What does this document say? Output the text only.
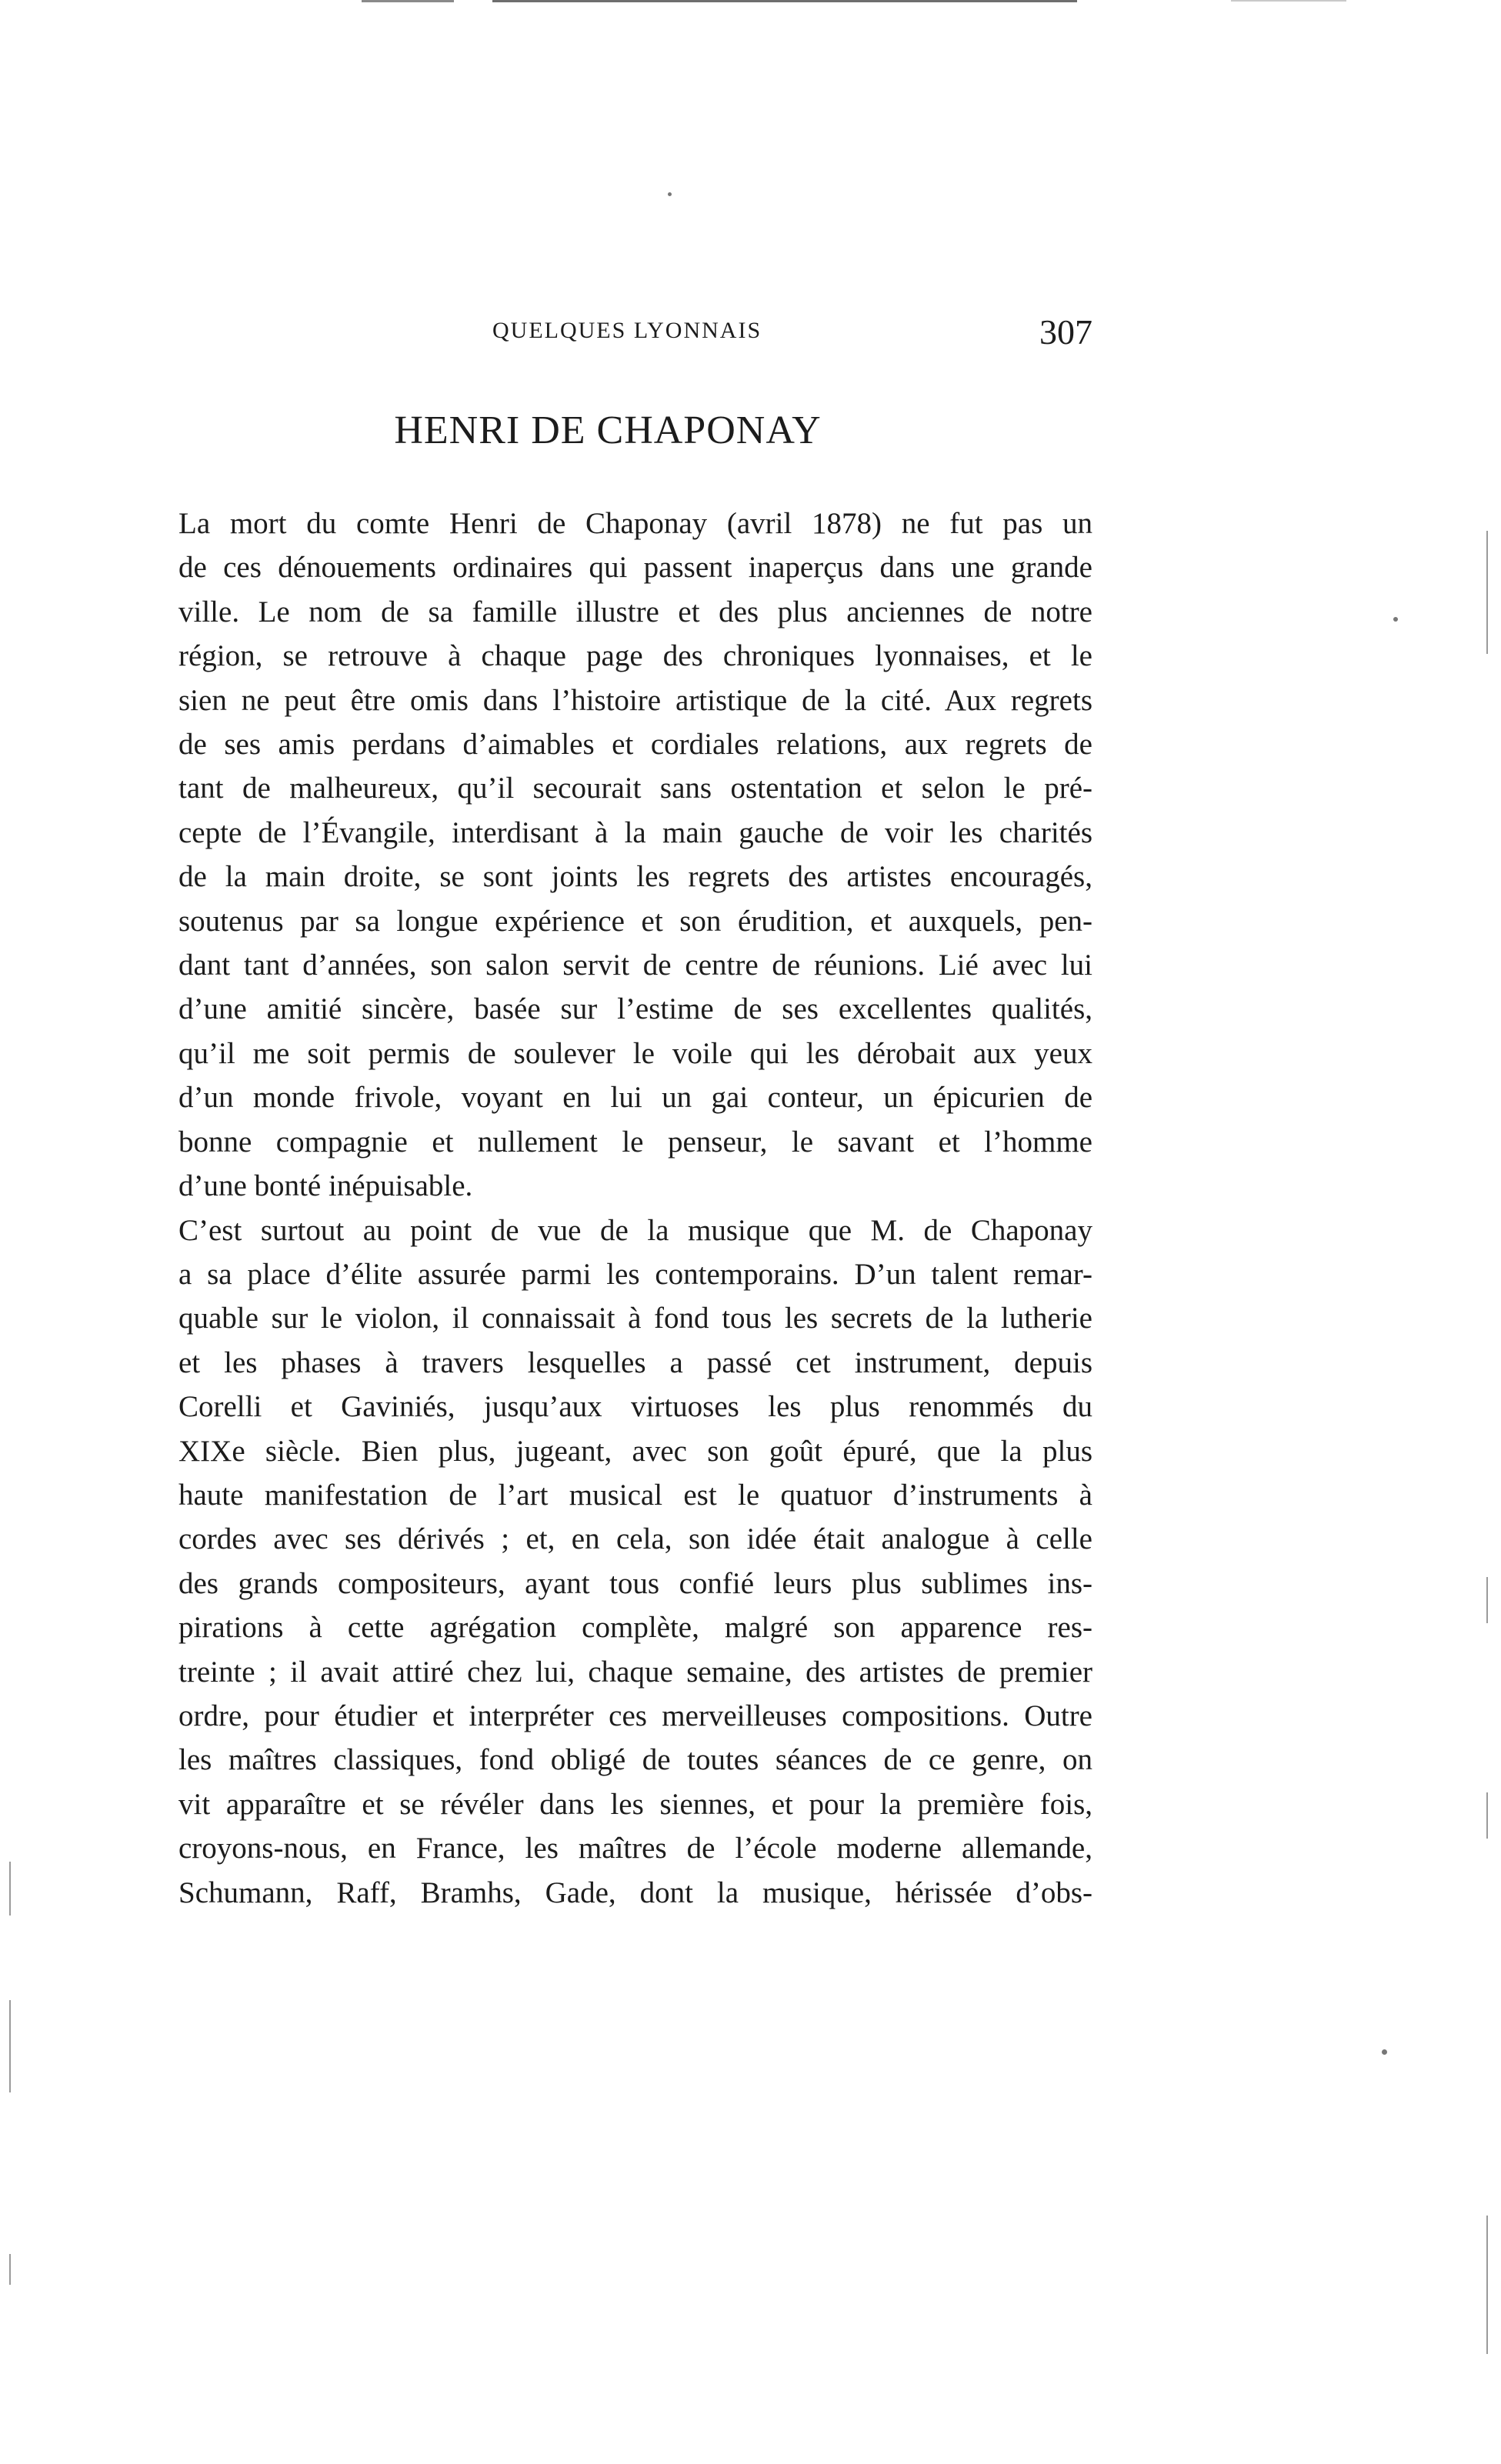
QUELQUES LYONNAIS	307
HENRI DE CHAPONAY

La mort du comte Henri de Chaponay (avril 1878) ne fut pas un
de ces dénouements ordinaires qui passent inaperçus dans une grande
ville. Le nom de sa famille illustre et des plus anciennes de notre
région, se retrouve à chaque page des chroniques lyonnaises, et le
sien ne peut être omis dans l’histoire artistique de la cité. Aux regrets
de ses amis perdans d’aimables et cordiales relations, aux regrets de
tant de malheureux, qu’il secourait sans ostentation et selon le pré-
cepte de l’Évangile, interdisant à la main gauche de voir les charités
de la main droite, se sont joints les regrets des artistes encouragés,
soutenus par sa longue expérience et son érudition, et auxquels, pen-
dant tant d’années, son salon servit de centre de réunions. Lié avec lui
d’une amitié sincère, basée sur l’estime de ses excellentes qualités,
qu’il me soit permis de soulever le voile qui les dérobait aux yeux
d’un monde frivole, voyant en lui un gai conteur, un épicurien de
bonne compagnie et nullement le penseur, le savant et l’homme
d’une bonté inépuisable.

C’est surtout au point de vue de la musique que M. de Chaponay
a sa place d’élite assurée parmi les contemporains. D’un talent remar-
quable sur le violon, il connaissait à fond tous les secrets de la lutherie
et les phases à travers lesquelles a passé cet instrument, depuis
Corelli et Gaviniés, jusqu’aux virtuoses les plus renommés du
XIXe siècle. Bien plus, jugeant, avec son goût épuré, que la plus
haute manifestation de l’art musical est le quatuor d’instruments à
cordes avec ses dérivés ; et, en cela, son idée était analogue à celle
des grands compositeurs, ayant tous confié leurs plus sublimes ins-
pirations à cette agrégation complète, malgré son apparence res-
treinte ; il avait attiré chez lui, chaque semaine, des artistes de premier
ordre, pour étudier et interpréter ces merveilleuses compositions. Outre
les maîtres classiques, fond obligé de toutes séances de ce genre, on
vit apparaître et se révéler dans les siennes, et pour la première fois,
croyons-nous, en France, les maîtres de l’école moderne allemande,
Schumann, Raff, Bramhs, Gade, dont la musique, hérissée d’obs-
